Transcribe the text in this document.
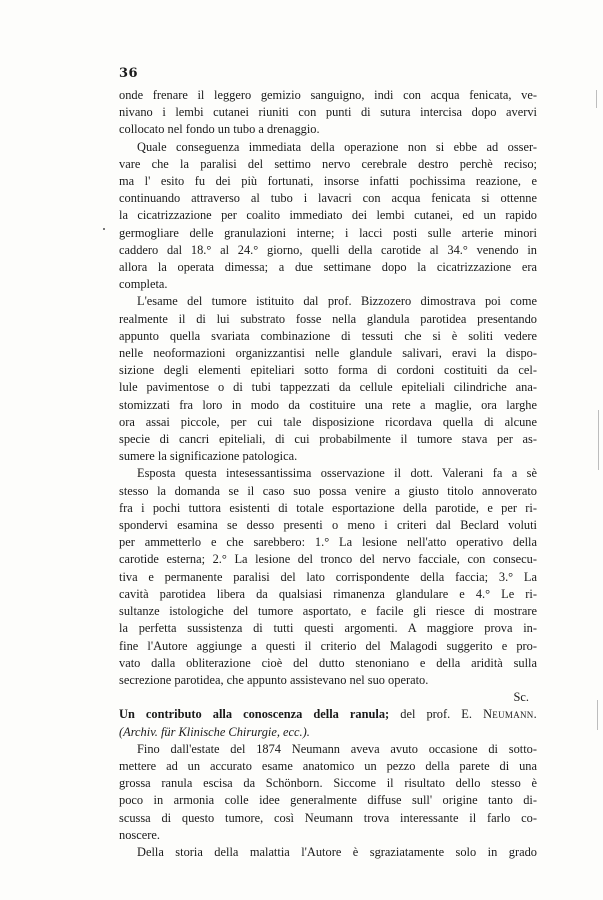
36
onde frenare il leggero gemizio sanguigno, indi con acqua fenicata, ve-
nivano i lembi cutanei riuniti con punti di sutura intercisa dopo avervi
collocato nel fondo un tubo a drenaggio.
Quale conseguenza immediata della operazione non si ebbe ad osser-
vare che la paralisi del settimo nervo cerebrale destro perchè reciso;
ma l' esito fu dei più fortunati, insorse infatti pochissima reazione, e
continuando attraverso al tubo i lavacri con acqua fenicata si ottenne
la cicatrizzazione per coalito immediato dei lembi cutanei, ed un rapido
germogliare delle granulazioni interne; i lacci posti sulle arterie minori
caddero dal 18.° al 24.° giorno, quelli della carotide al 34.° venendo in
allora la operata dimessa; a due settimane dopo la cicatrizzazione era
completa.
L'esame del tumore istituito dal prof. Bizzozero dimostrava poi come
realmente il di lui substrato fosse nella glandula parotidea presentando
appunto quella svariata combinazione di tessuti che si è soliti vedere
nelle neoformazioni organizzantisi nelle glandule salivari, eravi la dispo-
sizione degli elementi epiteliari sotto forma di cordoni costituiti da cel-
lule pavimentose o di tubi tappezzati da cellule epiteliali cilindriche ana-
stomizzati fra loro in modo da costituire una rete a maglie, ora larghe
ora assai piccole, per cui tale disposizione ricordava quella di alcune
specie di cancri epiteliali, di cui probabilmente il tumore stava per as-
sumere la significazione patologica.
Esposta questa intesessantissima osservazione il dott. Valerani fa a sè
stesso la domanda se il caso suo possa venire a giusto titolo annoverato
fra i pochi tuttora esistenti di totale esportazione della parotide, e per ri-
spondervi esamina se desso presenti o meno i criteri dal Beclard voluti
per ammetterlo e che sarebbero: 1.° La lesione nell'atto operativo della
carotide esterna; 2.° La lesione del tronco del nervo facciale, con consecu-
tiva e permanente paralisi del lato corrispondente della faccia; 3.° La
cavità parotidea libera da qualsiasi rimanenza glandulare e 4.° Le ri-
sultanze istologiche del tumore asportato, e facile gli riesce di mostrare
la perfetta sussistenza di tutti questi argomenti. A maggiore prova in-
fine l'Autore aggiunge a questi il criterio del Malagodi suggerito e pro-
vato dalla obliterazione cioè del dutto stenoniano e della aridità sulla
secrezione parotidea, che appunto assistevano nel suo operato.
Sc.
Un contributo alla conoscenza della ranula; del prof. E. Neumann.
(Archiv. für Klinische Chirurgie, ecc.).
Fino dall'estate del 1874 Neumann aveva avuto occasione di sotto-
mettere ad un accurato esame anatomico un pezzo della parete di una
grossa ranula escisa da Schönborn. Siccome il risultato dello stesso è
poco in armonia colle idee generalmente diffuse sull' origine tanto di-
scussa di questo tumore, così Neumann trova interessante il farlo co-
noscere.
Della storia della malattia l'Autore è sgraziatamente solo in grado
